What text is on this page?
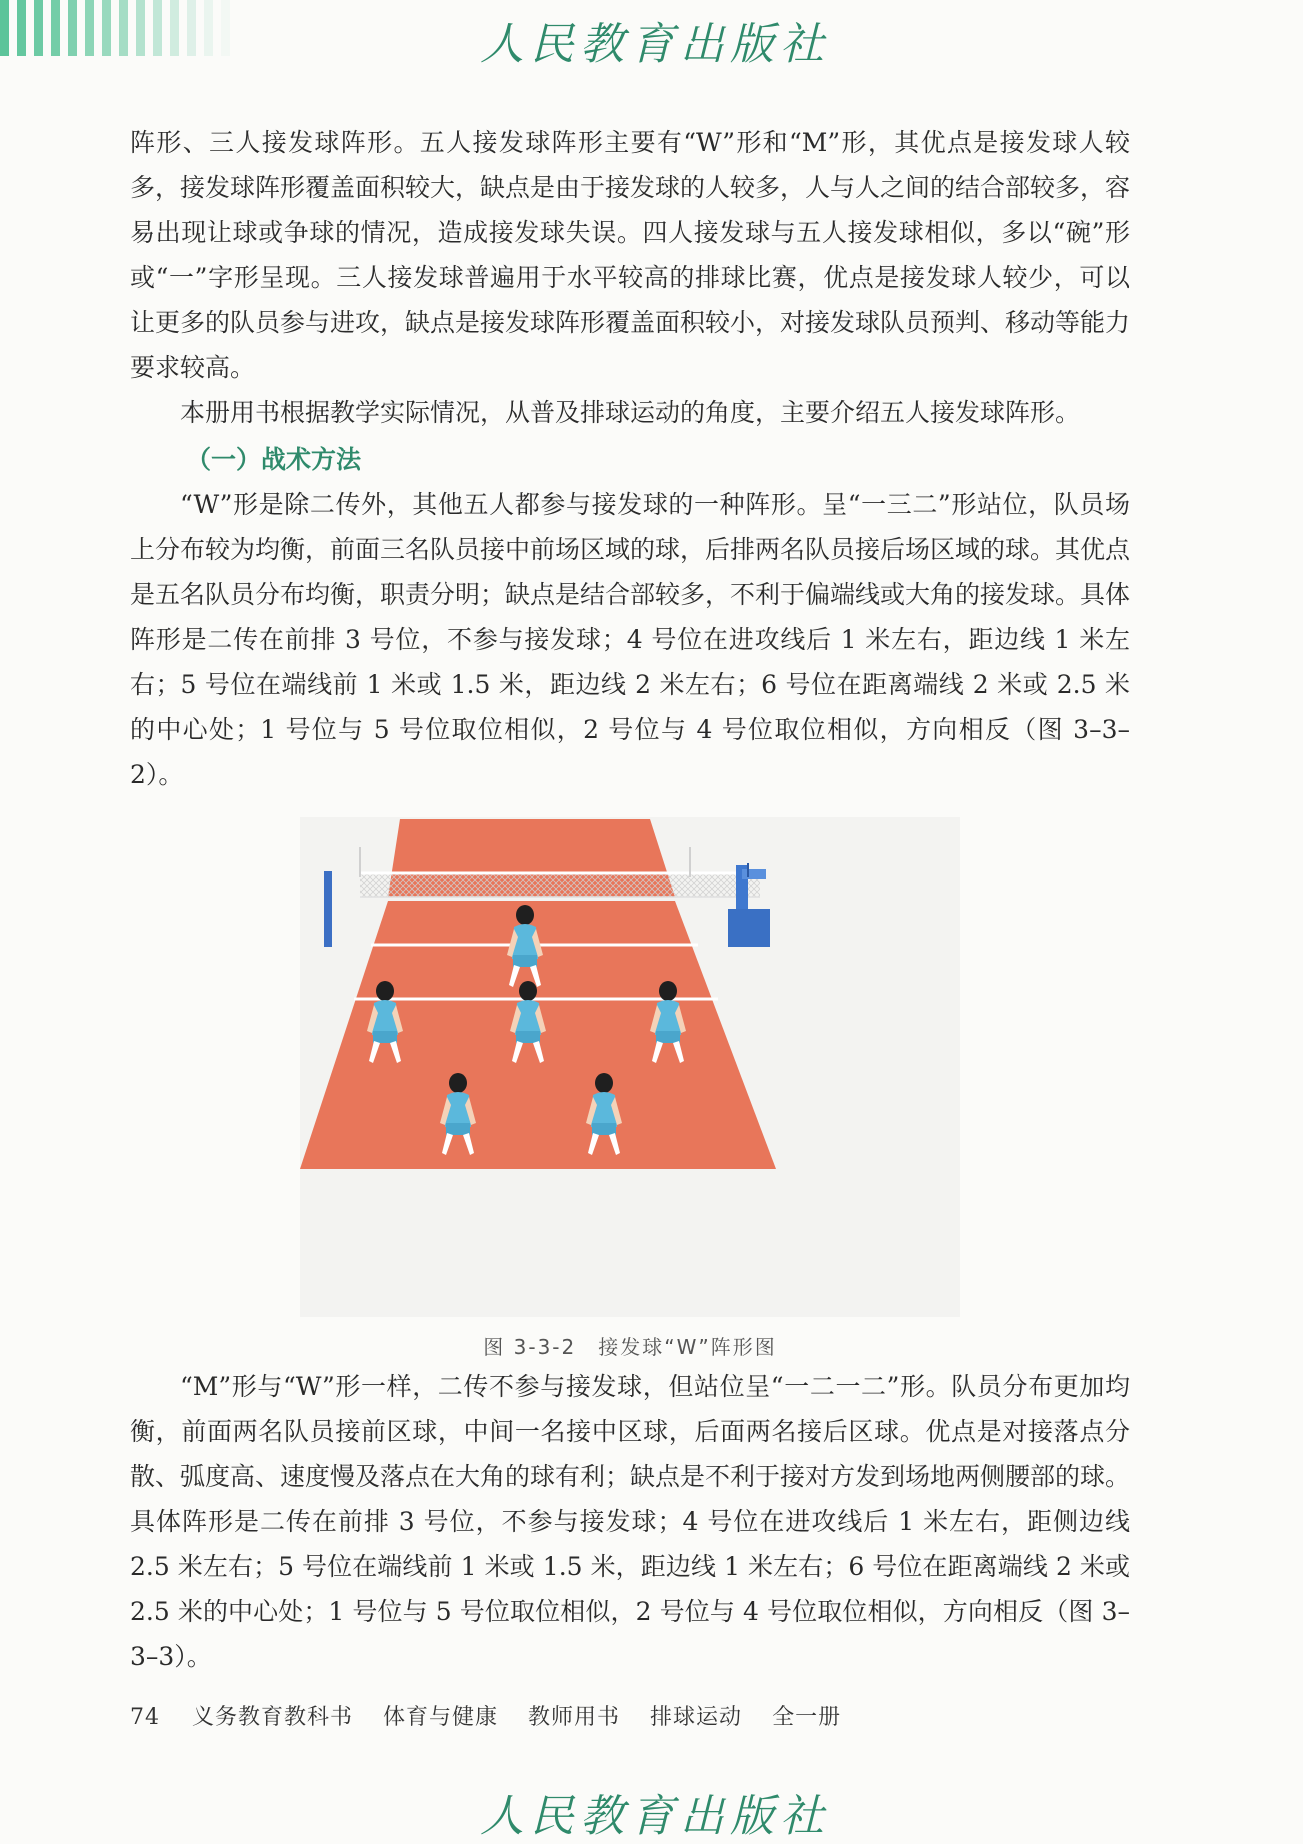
人民教育出版社

阵形、三人接发球阵形。五人接发球阵形主要有“W”形和“M”形，其优点是接发球人较多，接发球阵形覆盖面积较大，缺点是由于接发球的人较多，人与人之间的结合部较多，容易出现让球或争球的情况，造成接发球失误。四人接发球与五人接发球相似，多以“碗”形或“一”字形呈现。三人接发球普遍用于水平较高的排球比赛，优点是接发球人较少，可以让更多的队员参与进攻，缺点是接发球阵形覆盖面积较小，对接发球队员预判、移动等能力要求较高。

本册用书根据教学实际情况，从普及排球运动的角度，主要介绍五人接发球阵形。

（一）战术方法

“W”形是除二传外，其他五人都参与接发球的一种阵形。呈“一三二”形站位，队员场上分布较为均衡，前面三名队员接中前场区域的球，后排两名队员接后场区域的球。其优点是五名队员分布均衡，职责分明；缺点是结合部较多，不利于偏端线或大角的接发球。具体阵形是二传在前排 3 号位，不参与接发球；4 号位在进攻线后 1 米左右，距边线 1 米左右；5 号位在端线前 1 米或 1.5 米，距边线 2 米左右；6 号位在距离端线 2 米或 2.5 米的中心处；1 号位与 5 号位取位相似，2 号位与 4 号位取位相似，方向相反（图 3–3–2）。

图 3-3-2　接发球“W”阵形图

“M”形与“W”形一样，二传不参与接发球，但站位呈“一二一二”形。队员分布更加均衡，前面两名队员接前区球，中间一名接中区球，后面两名接后区球。优点是对接落点分散、弧度高、速度慢及落点在大角的球有利；缺点是不利于接对方发到场地两侧腰部的球。具体阵形是二传在前排 3 号位，不参与接发球；4 号位在进攻线后 1 米左右，距侧边线 2.5 米左右；5 号位在端线前 1 米或 1.5 米，距边线 1 米左右；6 号位在距离端线 2 米或 2.5 米的中心处；1 号位与 5 号位取位相似，2 号位与 4 号位取位相似，方向相反（图 3–3–3）。

74 义务教育教科书 体育与健康 教师用书 排球运动 全一册
人民教育出版社
